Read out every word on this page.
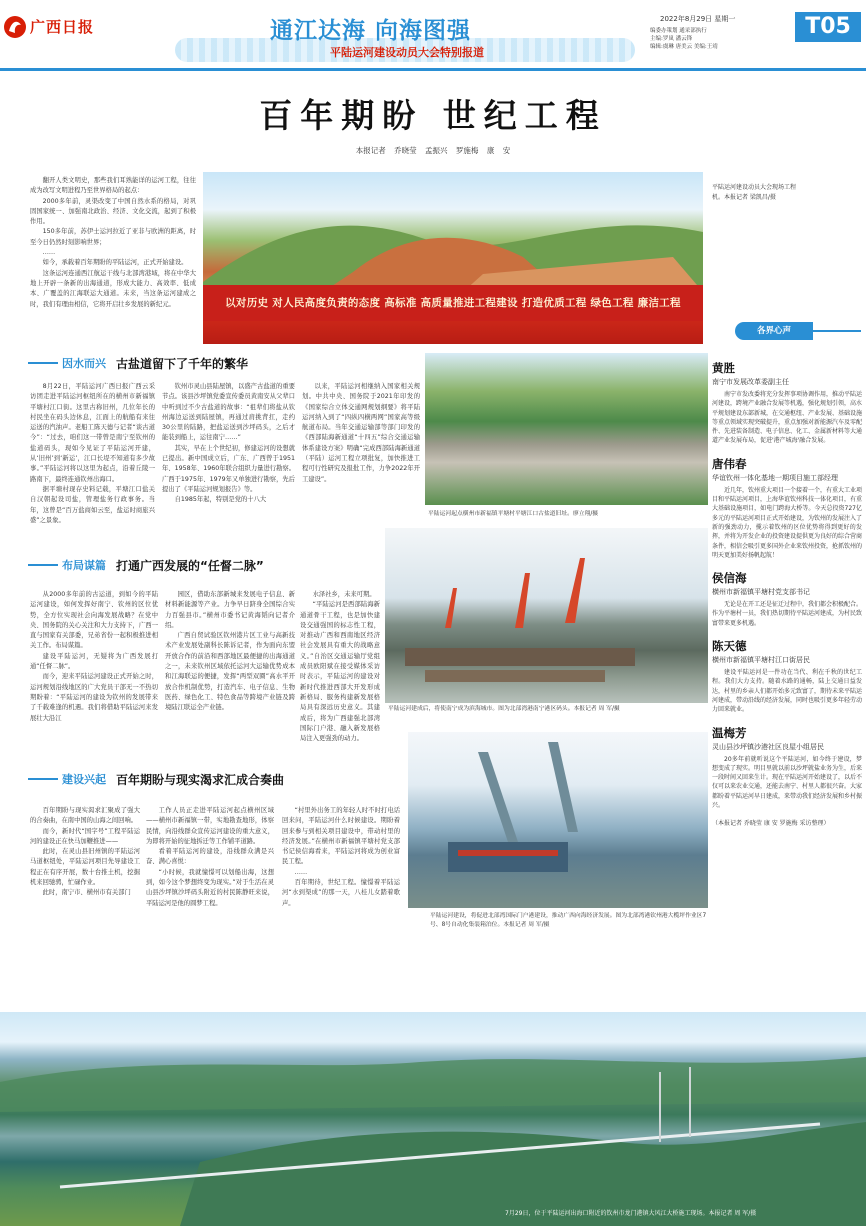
广西日报	通江达海 向海图强
平陆运河建设动员大会特别报道
2022年8月29日 星期一
编委办策划 通采部执行
主编:罗岚 潘云锋
编辑:虞琳 唐美云 美编:王靖
T05
百年期盼 世纪工程
本报记者 乔晓莹 孟振兴 罗施梅 康 安

翻开人类文明史，那些我们耳熟能详的运河工程，往往成为改写文明进程乃至世界格局的起点：

2000多年前，灵渠改变了中国自然水系的格局，对巩固国家统一、加强南北政治、经济、文化交流，起到了积极作用。

150多年前，苏伊士运河拉近了亚非与欧洲的距离，时至今日仍然时刻影响世界；

……

如今，承载着百年期盼的平陆运河，正式开始建设。

这条运河连通西江航运干线与北部湾港域，将在中华大地上开辟一条新的出海通道，形成大能力、高效率、低成本、广覆盖的江海联运大通道。未来，当这条运河建成之时，我们有理由相信，它将开启壮乡发展的新纪元。	以对历史 对人民高度负责的态度 高标准 高质量推进工程建设 打造优质工程 绿色工程 廉洁工程
平陆运河建设动员大会现场工程机。本报记者 梁凯昌/摄
各界心声
因水而兴 古盐道留下了千年的繁华

8月22日，平陆运河广西日报广西云采访团走进平陆运河枢纽所在的横州市新福镇平塘村江口街。这里古称旧州，几位年长的村民坐在码头边休息，江面上的航船有来往运送的汽油声。老船工陈天德与记者“谈古道今”：“过去，咱们这一带曾是南宁至钦州的盐道码头，现如今见证了平陆运河开建，从‘旧州’到‘新运’，江口长堤不知道有多少故事。”平陆运河将以这里为起点，沿着丘陵一路南下，最终连通钦州出海口。

据平塘村现存史料记载，平塘江口盐关自汉朝起设司盐，管理盐务行政事务。当年，这曾是“百万盐商如云至，盐运时商旅兴盛”之景象。

钦州市灵山县陆屋镇，以盛产古盐道的重要节点。该县沙坪镇党委宣传委员黄南安从父辈口中听到过不少古盐道的故事：“祖辈们将盐从钦州海边运送到陆屋镇，再通过肩挑背扛，走约30公里的陆路，把盐运送到沙坪码头，之后才能装到船上，运往南宁……”

其实，早在上个世纪初，修建运河的设想就已提出。新中国成立后，广东、广西曾于1951年、1958年、1960年联合组织力量进行勘察。广西于1975年、1979年又单独进行勘察，先后提出了《平陆运河规划报告》等。

自1985年起，特别是党的十八大

以来，平陆运河相继纳入国家相关规划。中共中央、国务院于2021年印发的《国家综合立体交通网规划纲要》将平陆运河纳入到了“四纵四横两网”国家高等级航道布局。当年交通运输部等部门印发的《西部陆海新通道“十四五”综合交通运输体系建设方案》明确“完成西部陆海新通道（平陆）运河工程立项批复，加快推进工程可行性研究及报批工作，力争2022年开工建设”。

平陆运河起点横州市新福镇平塘村平塘江口古盐道旧址。廖立翔/摄
布局谋篇 打通广西发展的“任督二脉”

从2000多年前的古运道，到如今的平陆运河建设，如何发挥好南宁、钦州的区位优势，全方位实现社会向海发展战略？在党中央、国务院的关心关注和大力支持下，广西一直与国家有关部委，兄弟省份一起积极推进相关工作。布局谋篇。

建设平陆运河，无疑将为广西发展打通“任督二脉”。

而今，迎来平陆运河建设正式开始之时，运河规划沿线地区的广大党员干部无一不热切期盼着：“平陆运河的建设为钦州的发展带来了千载难逢的机遇。我们将借助平陆运河来发展壮大沿江

园区，借助东部新城来发展电子信息、新材料新能源等产业。力争早日跻身全国综合实力百强县市。”横州市委书记黄海韬向记者介绍。

广西自贸试验区钦州港片区工业与高新技术产业发展处副科长陈诉记者，作为面向东盟开放合作的前沿和西部地区最便捷的出海通道之一，未来钦州区域依托运河大运输优势成本和江海联运的便捷，发挥“两型双圈”高水平开放合作机制优势，打造汽车、电子信息、生物医药、绿色化工、特色食品等跨境产业链及跨境陆江联运全产业链。

水泽社乡，未来可期。

“平陆运河是西部陆海新通道骨干工程，也是加快建设交通强国的标志性工程，对推动广西和西南地区经济社会发展具有重大的战略意义。”自治区交通运输厅党组成员欧阳斌在接受媒体采访时表示，平陆运河的建设对新时代推进西部大开发形成新格局、服务构建新发展格局具有深远历史意义。其建成后，将为广西建强北部湾国际门户港、融入新发展格局注入更强劲的动力。

平陆运河建成后，将使南宁成为滨海城市。图为北部湾港南宁港区码头。本报记者 周 军/摄
建设兴起 百年期盼与现实渴求汇成合奏曲

百年期盼与现实渴求汇聚成了强大的合奏曲，在南中国的山海之间回响。

而今，新时代“国字号”工程平陆运河的建设正在快马加鞭推进——

此时，在灵山县旧州镇的平陆运河马道枢纽处，平陆运河项目先导建设工程正在有序开展，数十台推土机，挖掘机来回驰骋，忙碌作业。

此时，南宁市、横州市有关部门

工作人员正走进平陆运河起点横州区域——横州市新福镇一带，实地勘查地形，体察民情，向沿线群众宣传运河建设的重大意义，为即将开始的征地拆迁等工作铺平道路。

看着平陆运河的建设，沿线群众满是兴奋、满心喜悦：

“小时候，我就憧憬可以划船出海，这想到，如今这个梦想终变为现实。”对于生活在灵山县沙坪镇沙坪码头附近的村民陈静旺来说，平陆运河是他的圆梦工程。

“村里外出务工的年轻人时不时打电话回来问，平陆运河什么时候建设。期盼着回来参与到相关项目建设中，带动村里的经济发展。”在横州市新福镇平塘村党支部书记侯信海看来，平陆运河将成为创业富民工程。

……

百年期待，世纪工程。憧憬着平陆运河“水到渠成”的那一天，八桂儿女踏着歌声。

平陆运河建设，将促进北部湾国际门户港建设，推动广西向海经济发展。图为北部湾港钦州港大榄坪作业区7号、8号自动化集装箱泊位。本报记者 周 军/摄
黄胜
南宁市发展改革委副主任
南宁市发改委将充分发挥事项协调作用，推动平陆运河建设，跨境产业融合发展等机遇，强化规划引领，高水平规划建设东部新城，在交通枢纽、产业发展、基础设施等重点领域实现突破提升，重点加强对新能源汽车及零配件、先进装备制造、电子信息、化工、金属新材料等大通道产业发展布局，促进'港产城海'融合发展。
唐伟春
华谊钦州一体化基地一期项目施工部经理
近几年，钦州重大项目一个接着一个，有重大工业项目和平陆运河项目，上海华谊钦州科技一体化项目，有重大基础设施项目，如电门跨海大桥等。今天总投资727亿多元的平陆运河项目正式开始建设，为钦州的发展注入了新的强劲动力，揽示着钦州的区位优势将得到更好的发挥，并将为开发企业的投资建设提供更为良好的综合营商条件，相信会吸引更多国外企业来钦州投资，抢抓钦州的明天更加美好扬帆起航！
侯信海
横州市新福镇平塘村党支部书记
无论是在开工还是征迁过程中，我们都会积极配合。作为平塘村一员，我们热切期待平陆运河建成，为村民致富带来更多机遇。
陈天德
横州市新福镇平塘村江口街居民
建设平陆运河是一件功在当代、利在千秋的世纪工程。我们大力支持。随着水路的通畅，陆上交通日益发达，村里的乡亲人们都开始多元致富了，期待未来平陆运河建成，带动沿线的经济发展，同时也吸引更多年轻劳动力回来就业。
温梅芳
灵山县沙坪镇沙港社区良屋小组居民
20多年前就听说这个平陆运河，如今终于建设，梦想变成了现实。明目里就以前以沙坪就盐业务为生，后来一段时间又回来生计。现在平陆运河开始建设了，以后不仅可以来农业交通，还能去南宁、村里人都很兴奋。大家都盼着平陆运河早日建成，来带动我们经济发展和乡村振兴。
（本报记者 乔晓莹 康 安 罗施梅 采访整理）
7月29日，位于平陆运河出海口附近的钦州市龙门港镇大风江大桥施工现场。本报记者 周 军/摄
